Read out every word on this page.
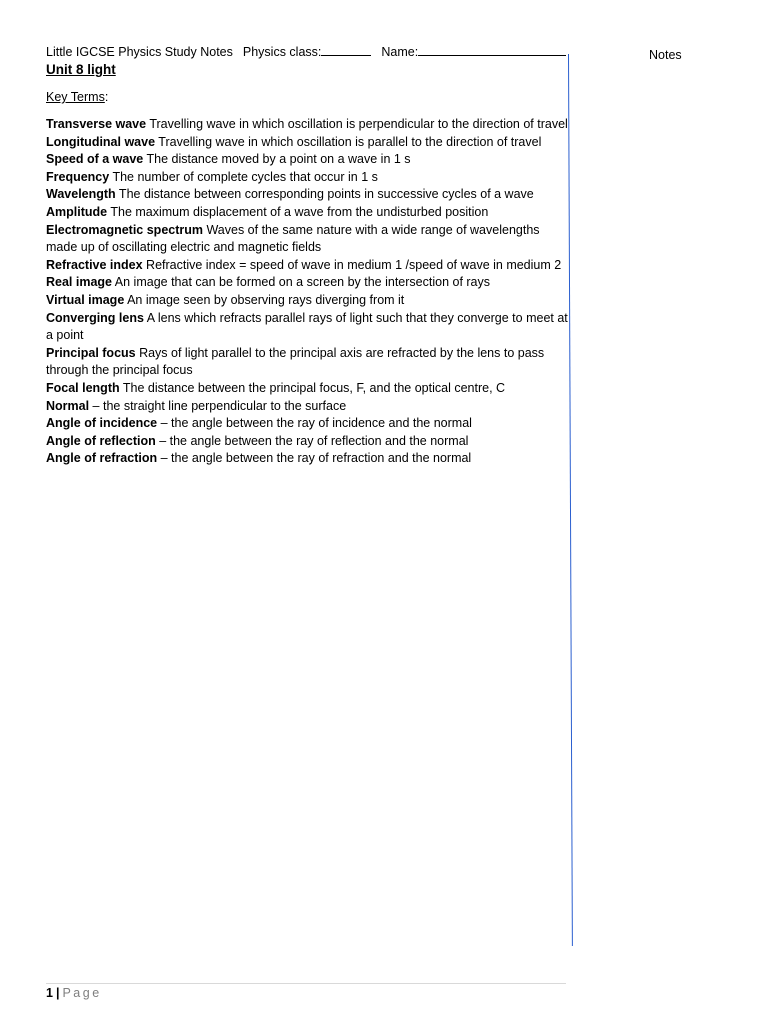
Little IGCSE Physics Study Notes Physics class:	Name:
Unit 8 light
Notes
Key Terms:

Transverse wave Travelling wave in which oscillation is perpendicular to the direction of travel

Longitudinal wave Travelling wave in which oscillation is parallel to the direction of travel

Speed of a wave The distance moved by a point on a wave in 1 s

Frequency The number of complete cycles that occur in 1 s

Wavelength The distance between corresponding points in successive cycles of a wave

Amplitude The maximum displacement of a wave from the undisturbed position

Electromagnetic spectrum Waves of the same nature with a wide range of wavelengths made up of oscillating electric and magnetic fields

Refractive index Refractive index = speed of wave in medium 1 /speed of wave in medium 2

Real image An image that can be formed on a screen by the intersection of rays

Virtual image An image seen by observing rays diverging from it

Converging lens A lens which refracts parallel rays of light such that they converge to meet at a point

Principal focus Rays of light parallel to the principal axis are refracted by the lens to pass through the principal focus

Focal length The distance between the principal focus, F, and the optical centre, C

Normal – the straight line perpendicular to the surface

Angle of incidence – the angle between the ray of incidence and the normal

Angle of reflection – the angle between the ray of reflection and the normal

Angle of refraction – the angle between the ray of refraction and the normal

1 | Page
